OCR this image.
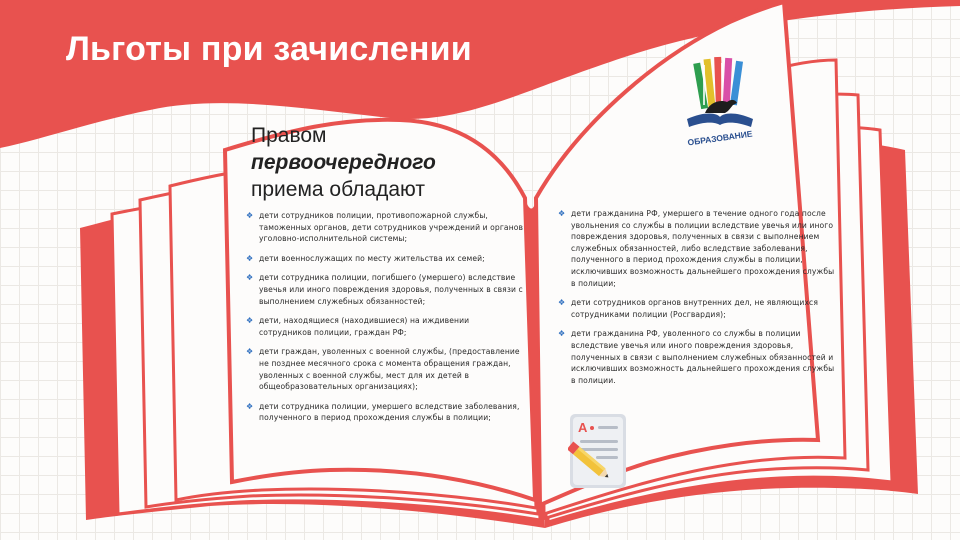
Льготы при зачислении
Правом
первоочередного
приема обладают
❖ дети сотрудников полиции, противопожарной службы, таможенных органов, дети сотрудников учреждений и органов уголовно-исполнительной системы;
❖ дети военнослужащих по месту жительства их семей;
❖ дети сотрудника полиции, погибшего (умершего) вследствие увечья или иного повреждения здоровья, полученных в связи с выполнением служебных обязанностей;
❖ дети, находящиеся (находившиеся) на иждивении сотрудников полиции, граждан РФ;
❖ дети граждан, уволенных с военной службы, (предоставление не позднее месячного срока с момента обращения граждан, уволенных с военной службы, мест для их детей в общеобразовательных организациях);
❖ дети сотрудника полиции, умершего вследствие заболевания, полученного в период прохождения службы в полиции;
❖ дети гражданина РФ, умершего в течение одного года после увольнения со службы в полиции вследствие увечья или иного повреждения здоровья, полученных в связи с выполнением служебных обязанностей, либо вследствие заболевания, полученного в период прохождения службы в полиции, исключивших возможность дальнейшего прохождения службы в полиции;
❖ дети сотрудников органов внутренних дел, не являющихся сотрудниками полиции (Росгвардия);
❖ дети гражданина РФ, уволенного со службы в полиции вследствие увечья или иного повреждения здоровья, полученных в связи с выполнением служебных обязанностей и исключивших возможность дальнейшего прохождения службы в полиции.
ОБРАЗОВАНИЕ
A
